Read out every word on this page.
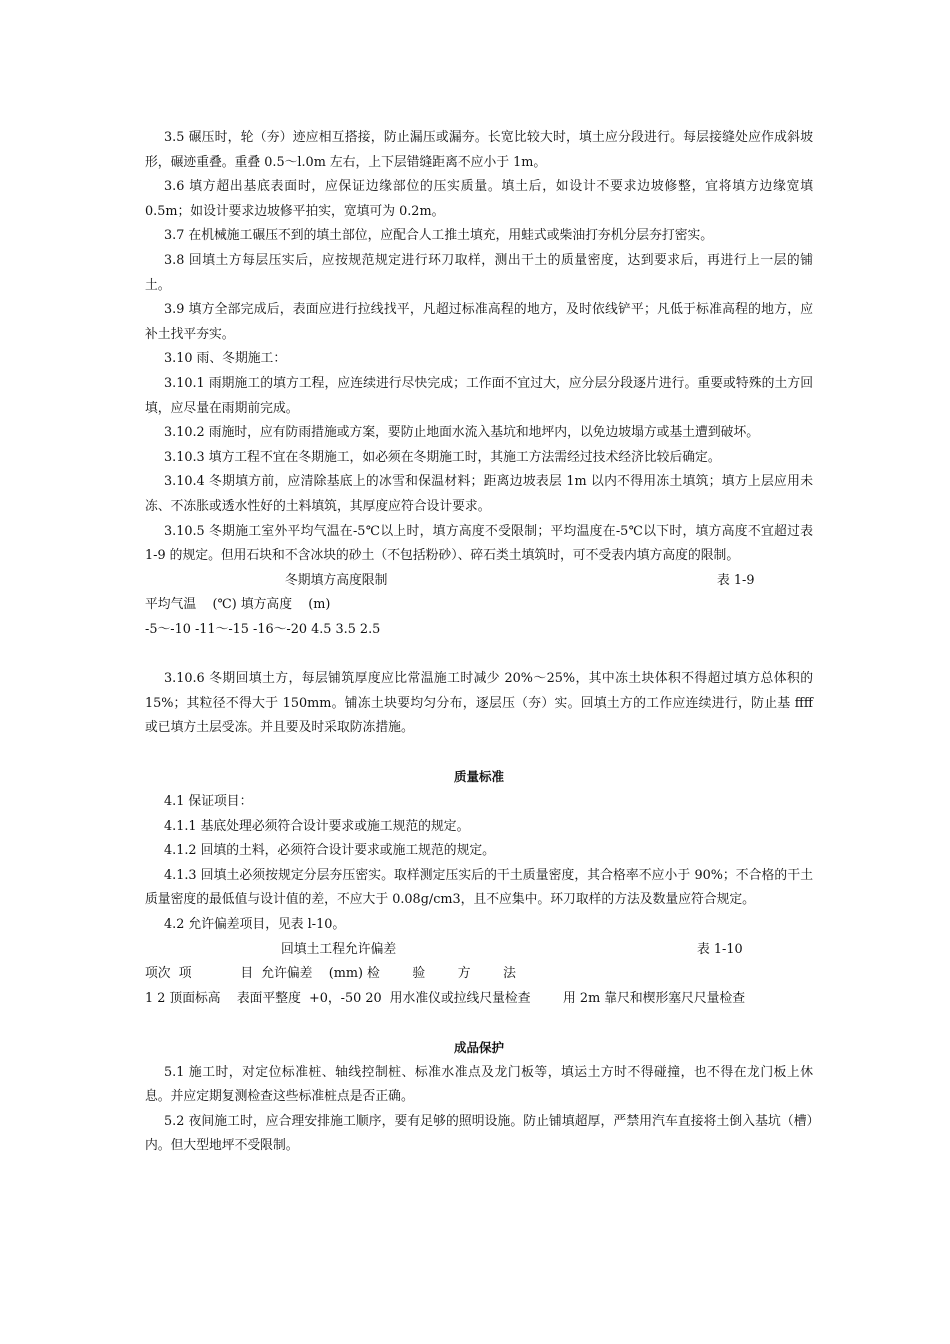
3.5 碾压时，轮（夯）迹应相互搭接，防止漏压或漏夯。长宽比较大时，填土应分段进行。每层接缝处应作成斜坡形，碾迹重叠。重叠 0.5～l.0m 左右，上下层错缝距离不应小于 1m。

3.6 填方超出基底表面时，应保证边缘部位的压实质量。填土后，如设计不要求边坡修整，宜将填方边缘宽填 0.5m；如设计要求边坡修平拍实，宽填可为 0.2m。

3.7 在机械施工碾压不到的填土部位，应配合人工推土填充，用蛙式或柴油打夯机分层夯打密实。

3.8 回填土方每层压实后，应按规范规定进行环刀取样，测出干土的质量密度，达到要求后，再进行上一层的铺土。

3.9 填方全部完成后，表面应进行拉线找平，凡超过标准高程的地方，及时依线铲平；凡低于标准高程的地方，应补土找平夯实。

3.10 雨、冬期施工：

3.10.1 雨期施工的填方工程，应连续进行尽快完成；工作面不宜过大，应分层分段逐片进行。重要或特殊的土方回填，应尽量在雨期前完成。

3.10.2 雨施时，应有防雨措施或方案，要防止地面水流入基坑和地坪内，以免边坡塌方或基土遭到破坏。

3.10.3 填方工程不宜在冬期施工，如必须在冬期施工时，其施工方法需经过技术经济比较后确定。

3.10.4 冬期填方前，应清除基底上的冰雪和保温材料；距离边坡表层 1m 以内不得用冻土填筑；填方上层应用未冻、不冻胀或透水性好的土料填筑，其厚度应符合设计要求。

3.10.5 冬期施工室外平均气温在-5℃以上时，填方高度不受限制；平均温度在-5℃以下时，填方高度不宜超过表 1-9 的规定。但用石块和不含冰块的砂土（不包括粉砂）、碎石类土填筑时，可不受表内填方高度的限制。

冬期填方高度限制	表 1-9

平均气温    (℃) 填方高度    (m)

-5～-10 -11～-15 -16～-20 4.5 3.5 2.5

3.10.6 冬期回填土方，每层铺筑厚度应比常温施工时减少 20%～25%，其中冻土块体积不得超过填方总体积的 15%；其粒径不得大于 150mm。铺冻土块要均匀分布，逐层压（夯）实。回填土方的工作应连续进行，防止基 ffff 或已填方土层受冻。并且要及时采取防冻措施。

质量标准

4.1 保证项目：

4.1.1 基底处理必须符合设计要求或施工规范的规定。

4.1.2 回填的土料，必须符合设计要求或施工规范的规定。

4.1.3 回填土必须按规定分层夯压密实。取样测定压实后的干土质量密度，其合格率不应小于 90%；不合格的干土质量密度的最低值与设计值的差，不应大于 0.08g/cm3，且不应集中。环刀取样的方法及数量应符合规定。

4.2 允许偏差项目，见表 l-10。

回填土工程允许偏差	表 1-10

项次  项            目  允许偏差    (mm) 检        验        方        法

1 2 顶面标高    表面平整度  +0，-50 20  用水准仪或拉线尺量检查        用 2m 靠尺和楔形塞尺尺量检查

成品保护

5.1 施工时，对定位标准桩、轴线控制桩、标准水准点及龙门板等，填运土方时不得碰撞，也不得在龙门板上休息。并应定期复测检查这些标准桩点是否正确。

5.2 夜间施工时，应合理安排施工顺序，要有足够的照明设施。防止铺填超厚，严禁用汽车直接将土倒入基坑（槽）内。但大型地坪不受限制。
